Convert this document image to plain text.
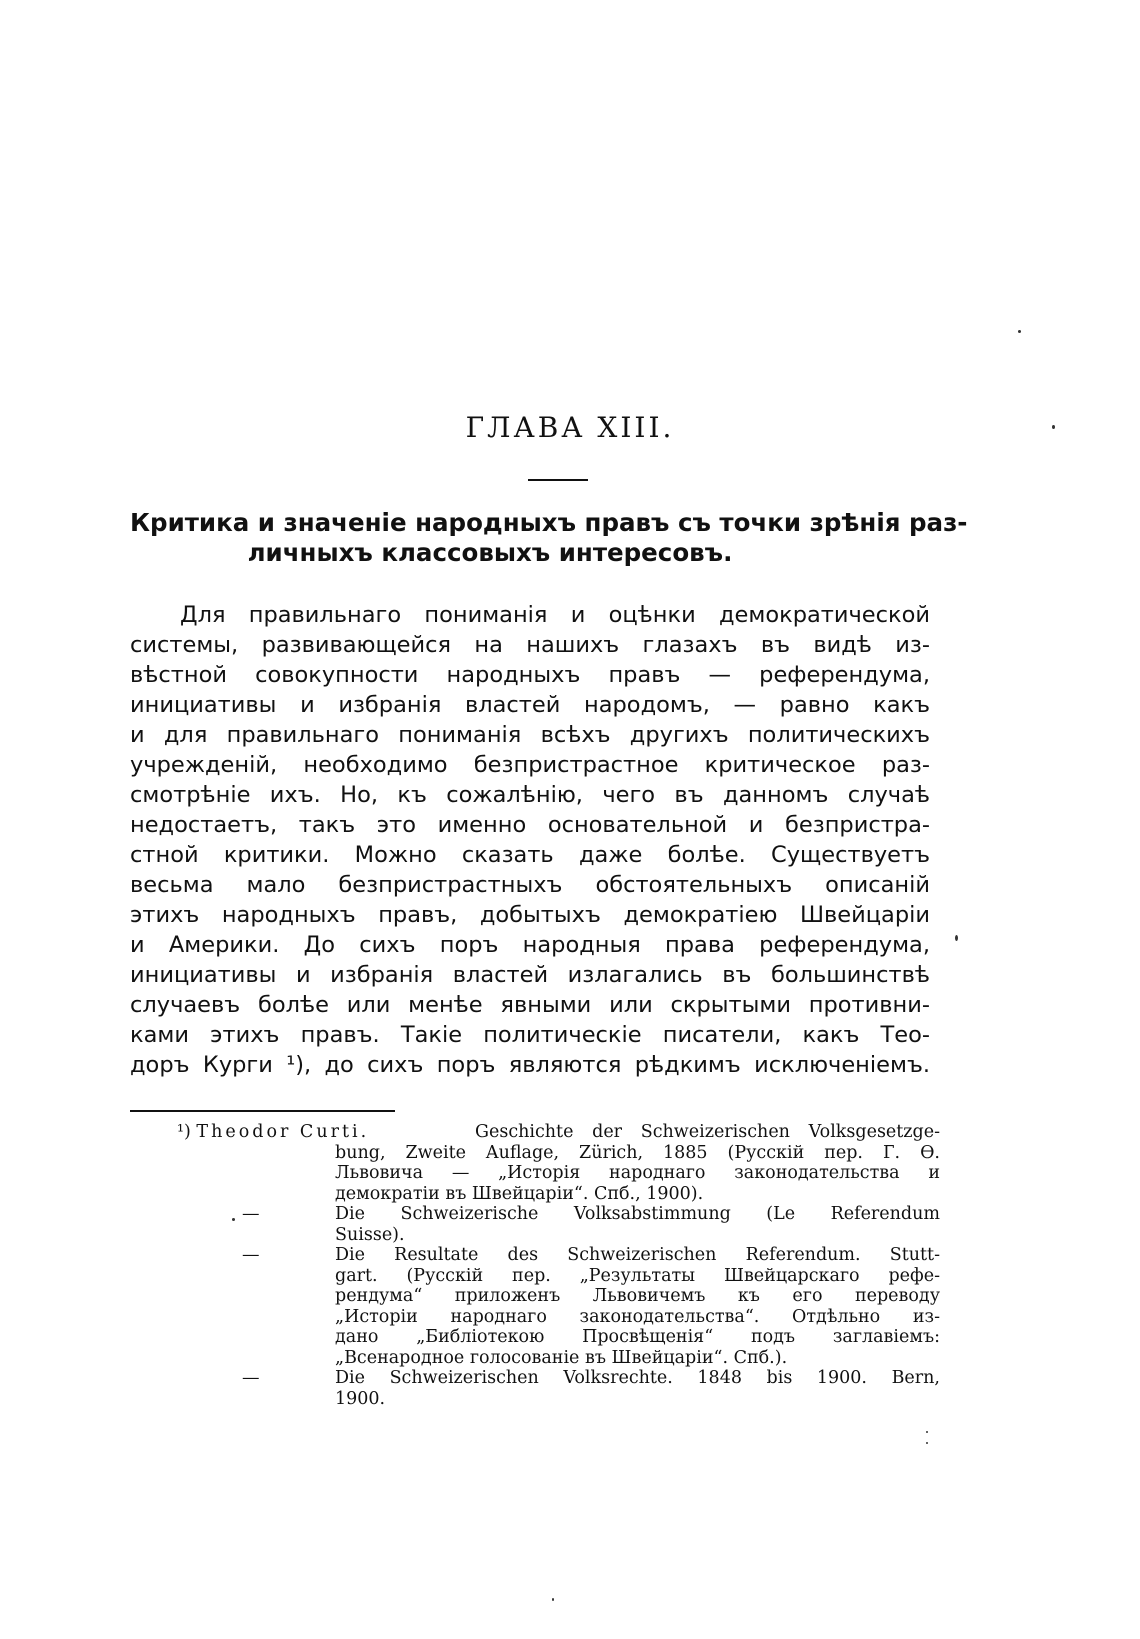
ГЛАВА XIII.
Критика и значеніе народныхъ правъ съ точки зрѣнія раз-
личныхъ классовыхъ интересовъ.
Для правильнаго пониманія и оцѣнки демократической
системы, развивающейся на нашихъ глазахъ въ видѣ из-
вѣстной совокупности народныхъ правъ — референдума,
инициативы и избранія властей народомъ, — равно какъ
и для правильнаго пониманія всѣхъ другихъ политическихъ
учрежденій, необходимо безпристрастное критическое раз-
смотрѣніе ихъ. Но, къ сожалѣнію, чего въ данномъ случаѣ
недостаетъ, такъ это именно основательной и безпристра-
стной критики. Можно сказать даже болѣе. Существуетъ
весьма мало безпристрастныхъ обстоятельныхъ описаній
этихъ народныхъ правъ, добытыхъ демократіею Швейцаріи
и Америки. До сихъ поръ народныя права референдума,
инициативы и избранія властей излагались въ большинствѣ
случаевъ болѣе или менѣе явными или скрытыми противни-
ками этихъ правъ. Такіе политическіе писатели, какъ Тео-
доръ Курги ¹), до сихъ поръ являются рѣдкимъ исключеніемъ.
¹) Theodor Curti.	Geschichte der Schweizerischen Volksgesetzge-
bung, Zweite Auflage, Zürich, 1885 (Русскій пер. Г. Ѳ.
Львовича — „Исторія народнаго законодательства и
демократіи въ Швейцаріи“. Спб., 1900).
—	Die Schweizerische Volksabstimmung (Le Referendum
Suisse).
—	Die Resultate des Schweizerischen Referendum. Stutt-
gart. (Русскій пер. „Результаты Швейцарскаго рефе-
рендума“ приложенъ Львовичемъ къ его переводу
„Исторіи народнаго законодательства“. Отдѣльно из-
дано „Библіотекою Просвѣщенія“ подъ заглавіемъ:
„Всенародное голосованіе въ Швейцаріи“. Спб.).
—	Die Schweizerischen Volksrechte. 1848 bis 1900. Bern,
1900.
